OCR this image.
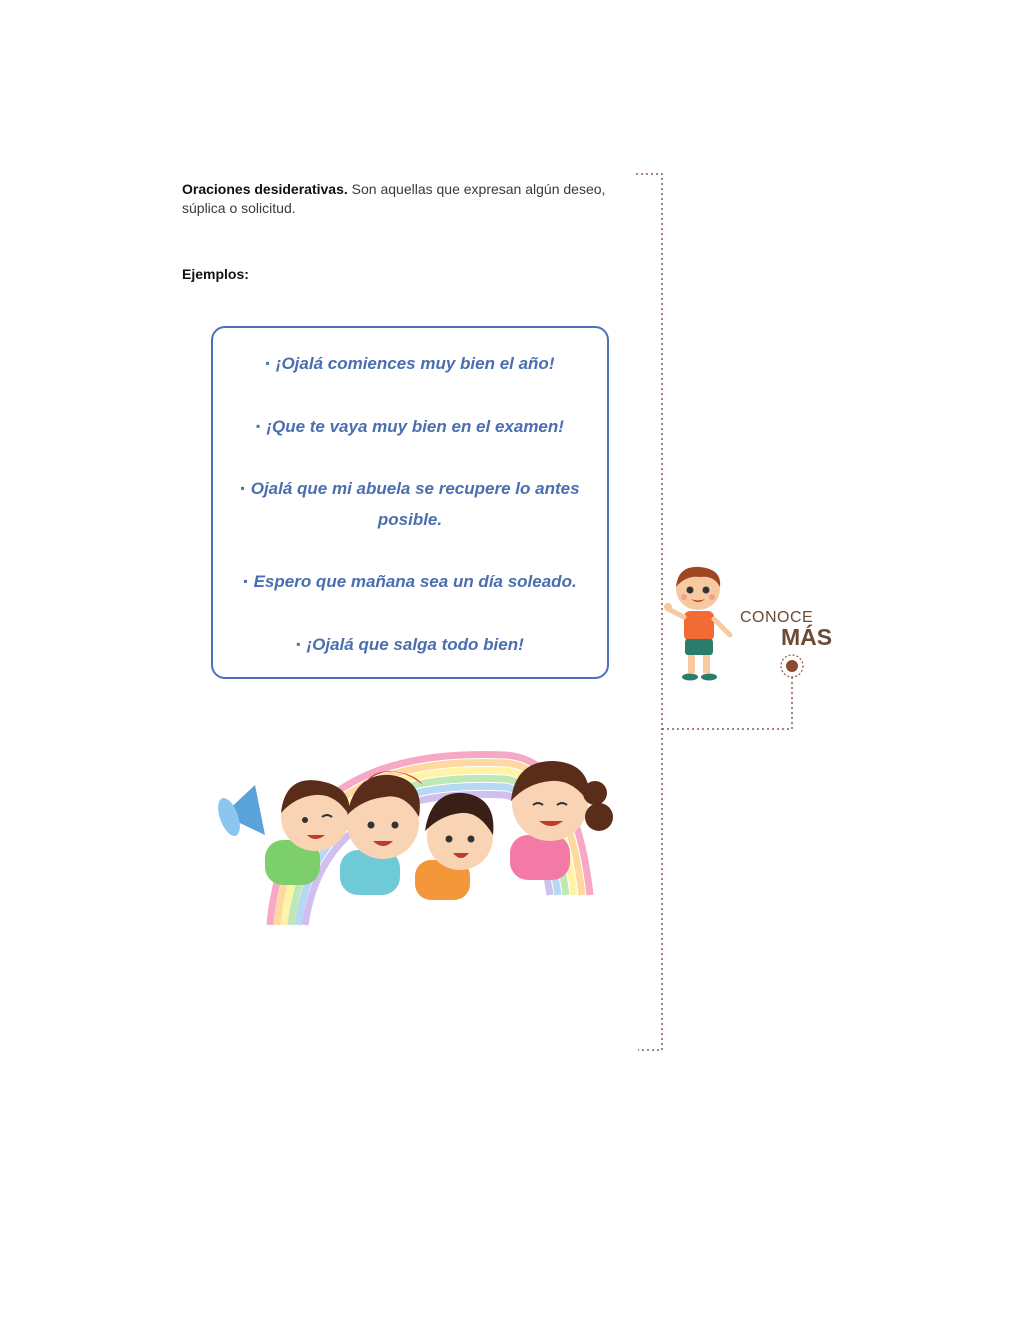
Oraciones desiderativas. Son aquellas que expresan algún deseo, súplica o solicitud.
Ejemplos:
▪ ¡Ojalá comiences muy bien el año!
▪ ¡Que te vaya muy bien en el examen!
▪ Ojalá que mi abuela se recupere lo antes posible.
▪ Espero que mañana sea un día soleado.
▪ ¡Ojalá que salga todo bien!
CONOCE
MÁS
